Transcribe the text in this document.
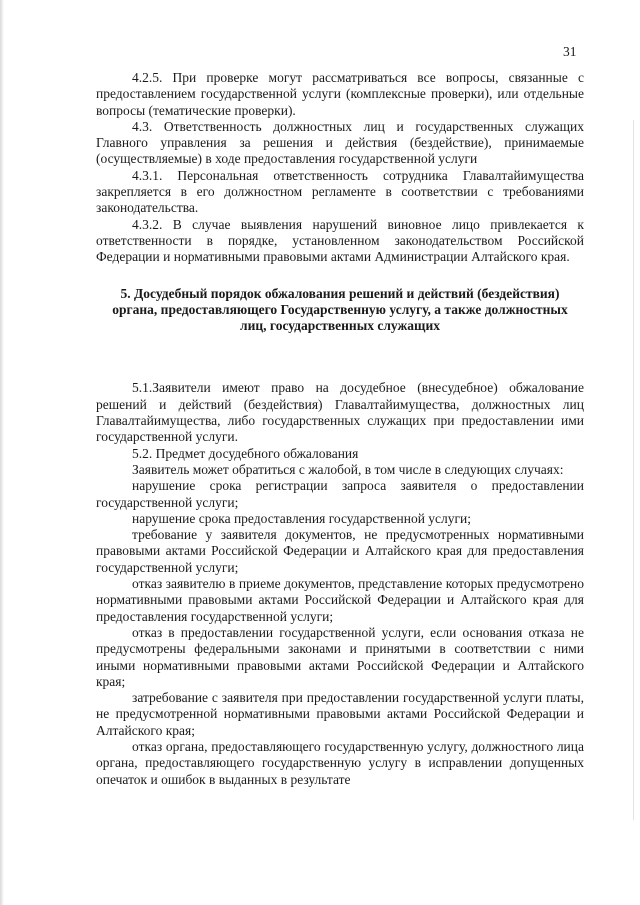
31

4.2.5. При проверке могут рассматриваться все вопросы, связанные с предоставлением государственной услуги (комплексные проверки), или отдельные вопросы (тематические проверки).

4.3. Ответственность должностных лиц и государственных служащих Главного управления за решения и действия (бездействие), принимаемые (осуществляемые) в ходе предоставления государственной услуги

4.3.1. Персональная ответственность сотрудника Главалтайимущества закрепляется в его должностном регламенте в соответствии с требованиями законодательства.

4.3.2. В случае выявления нарушений виновное лицо привлекается к ответственности в порядке, установленном законодательством Российской Федерации и нормативными правовыми актами Администрации Алтайского края.

5. Досудебный порядок обжалования решений и действий (бездействия) органа, предоставляющего Государственную услугу, а также должностных лиц, государственных служащих

5.1.Заявители имеют право на досудебное (внесудебное) обжалование решений и действий (бездействия) Главалтайимущества, должностных лиц Главалтайимущества, либо государственных служащих при предоставлении ими государственной услуги.

5.2. Предмет досудебного обжалования

Заявитель может обратиться с жалобой, в том числе в следующих случаях:

нарушение срока регистрации запроса заявителя о предоставлении государственной услуги;

нарушение срока предоставления государственной услуги;

требование у заявителя документов, не предусмотренных нормативными правовыми актами Российской Федерации и Алтайского края для предоставления государственной услуги;

отказ заявителю в приеме документов, представление которых предусмотрено нормативными правовыми актами Российской Федерации и Алтайского края для предоставления государственной услуги;

отказ в предоставлении государственной услуги, если основания отказа не предусмотрены федеральными законами и принятыми в соответствии с ними иными нормативными правовыми актами Российской Федерации и Алтайского края;

затребование с заявителя при предоставлении государственной услуги платы, не предусмотренной нормативными правовыми актами Российской Федерации и Алтайского края;

отказ органа, предоставляющего государственную услугу, должностного лица органа, предоставляющего государственную услугу в исправлении допущенных опечаток и ошибок в выданных в результате
